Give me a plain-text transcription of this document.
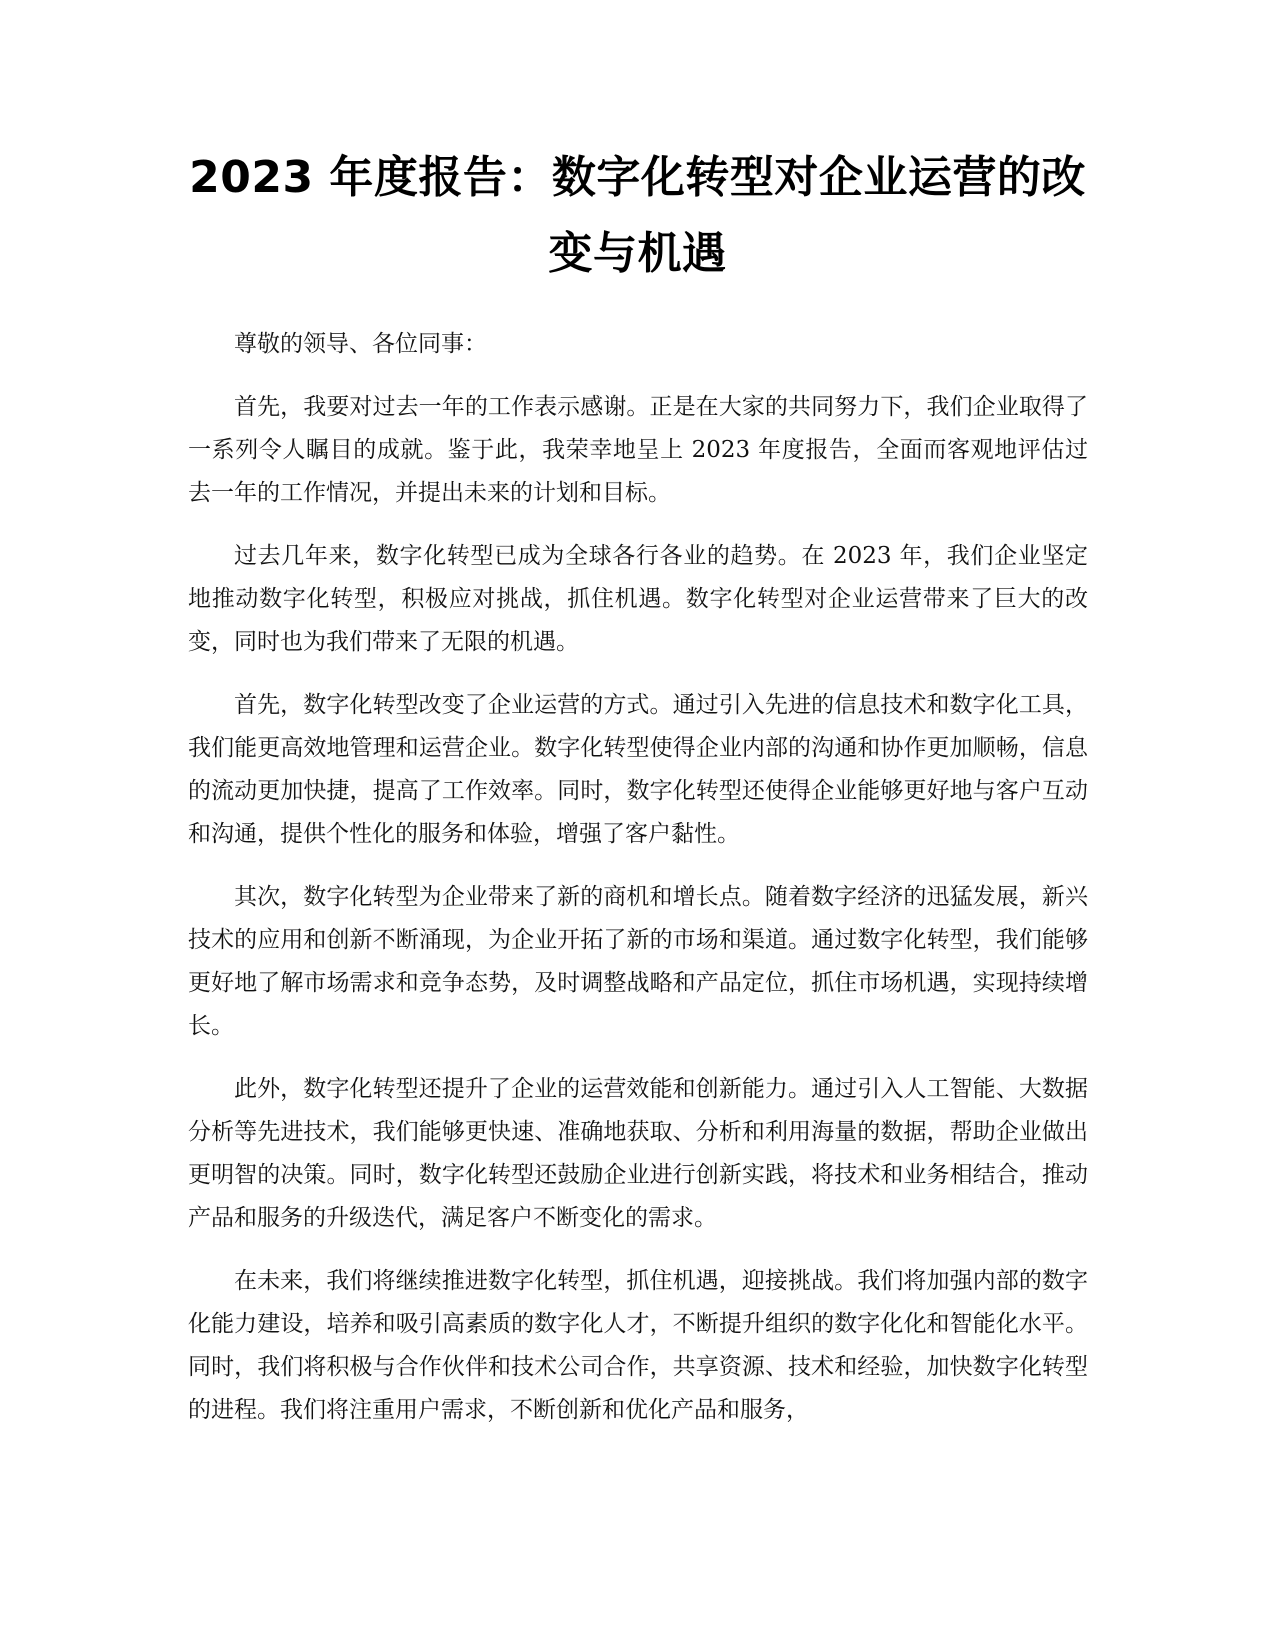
2023 年度报告：数字化转型对企业运营的改变与机遇

尊敬的领导、各位同事：

首先，我要对过去一年的工作表示感谢。正是在大家的共同努力下，我们企业取得了一系列令人瞩目的成就。鉴于此，我荣幸地呈上 2023 年度报告，全面而客观地评估过去一年的工作情况，并提出未来的计划和目标。

过去几年来，数字化转型已成为全球各行各业的趋势。在 2023 年，我们企业坚定地推动数字化转型，积极应对挑战，抓住机遇。数字化转型对企业运营带来了巨大的改变，同时也为我们带来了无限的机遇。

首先，数字化转型改变了企业运营的方式。通过引入先进的信息技术和数字化工具，我们能更高效地管理和运营企业。数字化转型使得企业内部的沟通和协作更加顺畅，信息的流动更加快捷，提高了工作效率。同时，数字化转型还使得企业能够更好地与客户互动和沟通，提供个性化的服务和体验，增强了客户黏性。

其次，数字化转型为企业带来了新的商机和增长点。随着数字经济的迅猛发展，新兴技术的应用和创新不断涌现，为企业开拓了新的市场和渠道。通过数字化转型，我们能够更好地了解市场需求和竞争态势，及时调整战略和产品定位，抓住市场机遇，实现持续增长。

此外，数字化转型还提升了企业的运营效能和创新能力。通过引入人工智能、大数据分析等先进技术，我们能够更快速、准确地获取、分析和利用海量的数据，帮助企业做出更明智的决策。同时，数字化转型还鼓励企业进行创新实践，将技术和业务相结合，推动产品和服务的升级迭代，满足客户不断变化的需求。

在未来，我们将继续推进数字化转型，抓住机遇，迎接挑战。我们将加强内部的数字化能力建设，培养和吸引高素质的数字化人才，不断提升组织的数字化化和智能化水平。同时，我们将积极与合作伙伴和技术公司合作，共享资源、技术和经验，加快数字化转型的进程。我们将注重用户需求，不断创新和优化产品和服务，
